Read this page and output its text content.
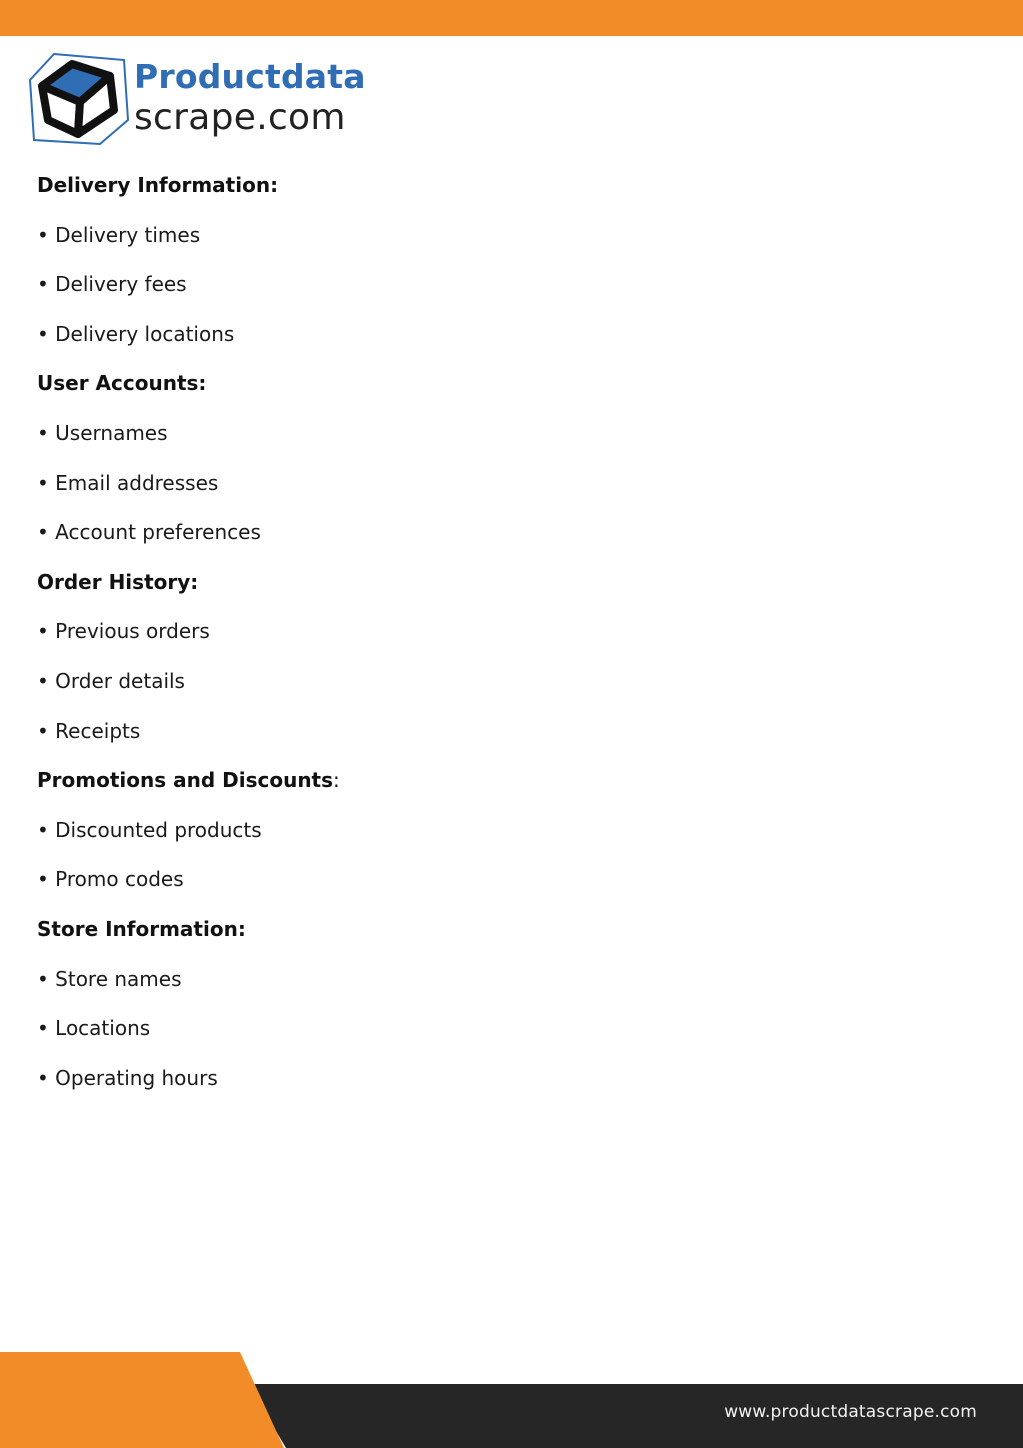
Productdata
scrape.com
Delivery Information:
• Delivery times
• Delivery fees
• Delivery locations
User Accounts:
• Usernames
• Email addresses
• Account preferences
Order History:
• Previous orders
• Order details
• Receipts
Promotions and Discounts:
• Discounted products
• Promo codes
Store Information:
• Store names
• Locations
• Operating hours
www.productdatascrape.com
